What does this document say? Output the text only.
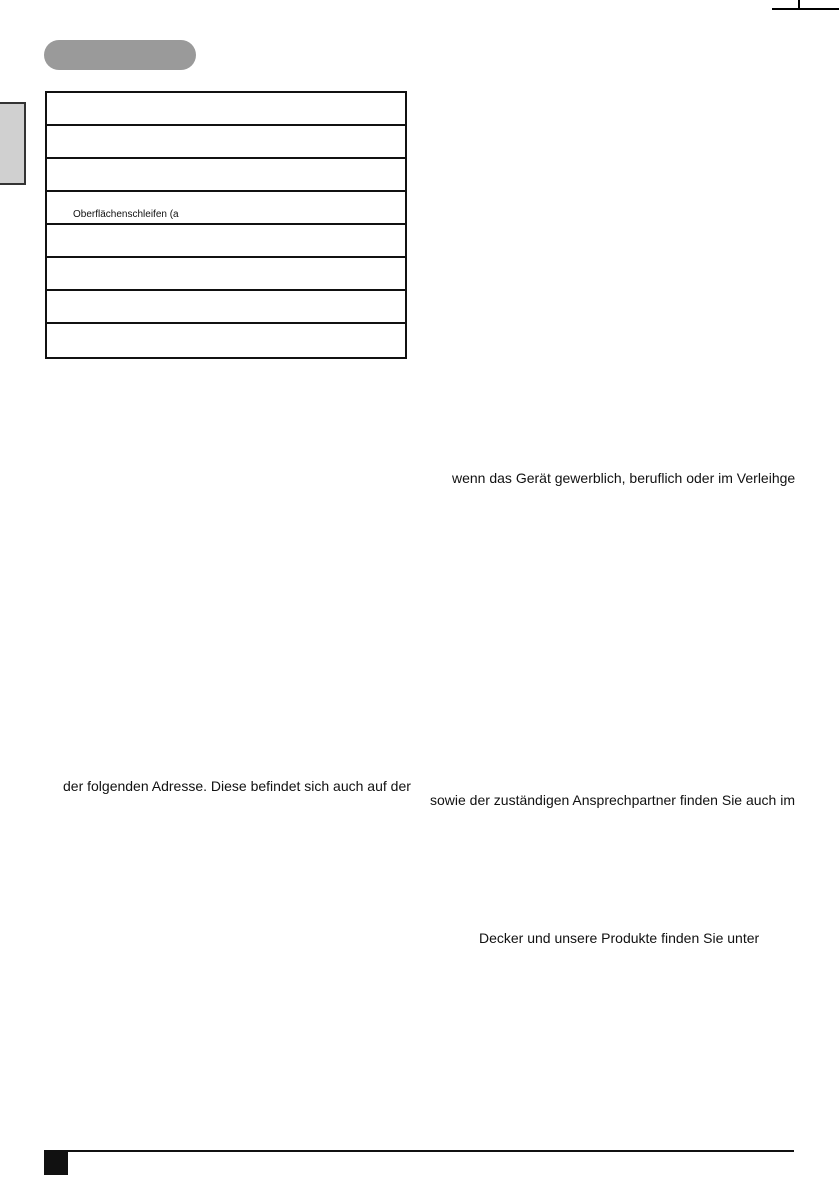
Oberflächenschleifen (a
wenn das Gerät gewerblich, beruflich oder im Verleihge
der folgenden Adresse. Diese befindet sich auch auf der
sowie der zuständigen Ansprechpartner finden Sie auch im
Decker und unsere Produkte finden Sie unter
